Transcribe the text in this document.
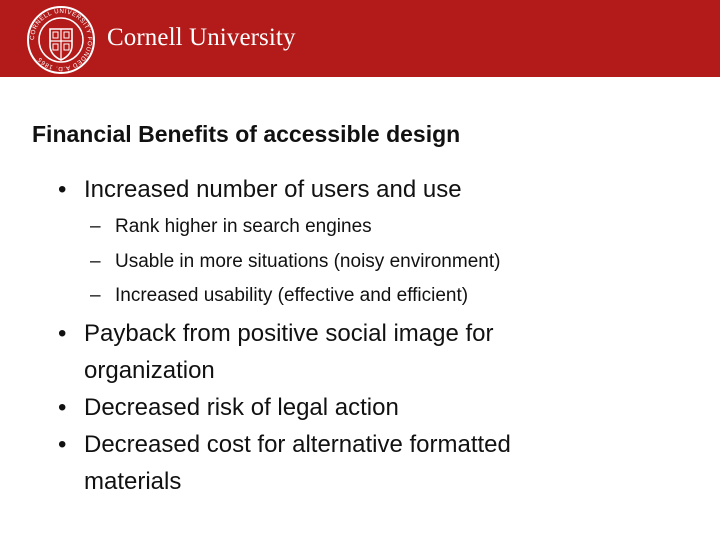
CORNELL UNIVERSITY FOUNDED A.D. 1865
Cornell University
Financial Benefits of accessible design
• Increased number of users and use
– Rank higher in search engines
– Usable in more situations (noisy environment)
– Increased usability (effective and efficient)
• Payback from positive social image for organization
• Decreased risk of legal action
• Decreased cost for alternative formatted materials
